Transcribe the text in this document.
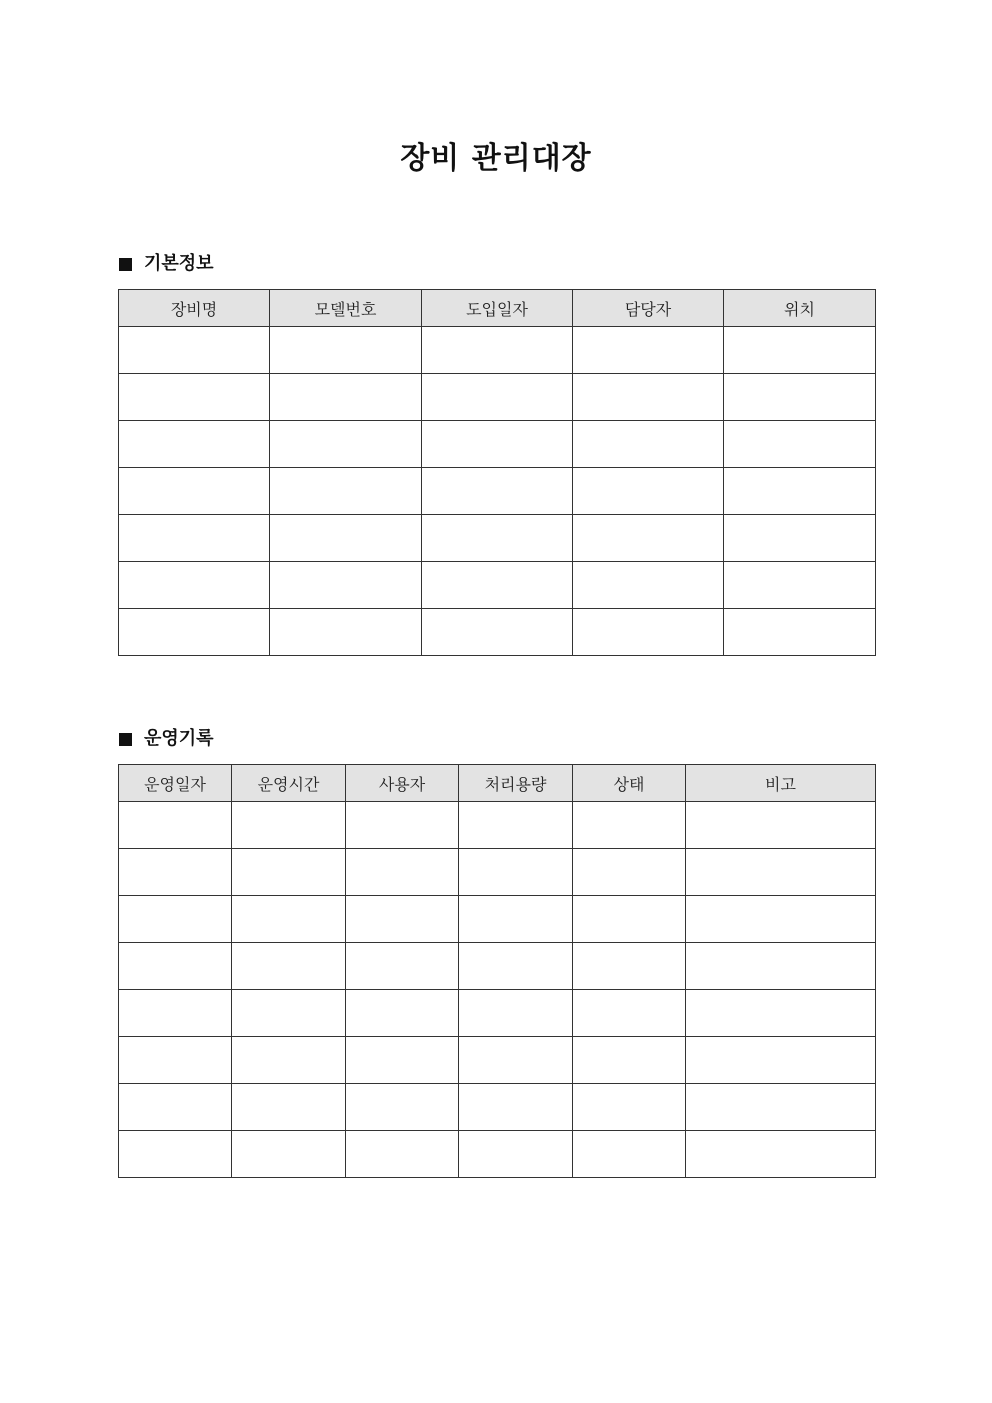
장비 관리대장
기본정보
장비명	모델번호	도입일자	담당자	위치

운영기록
운영일자	운영시간	사용자	처리용량	상태	비고
